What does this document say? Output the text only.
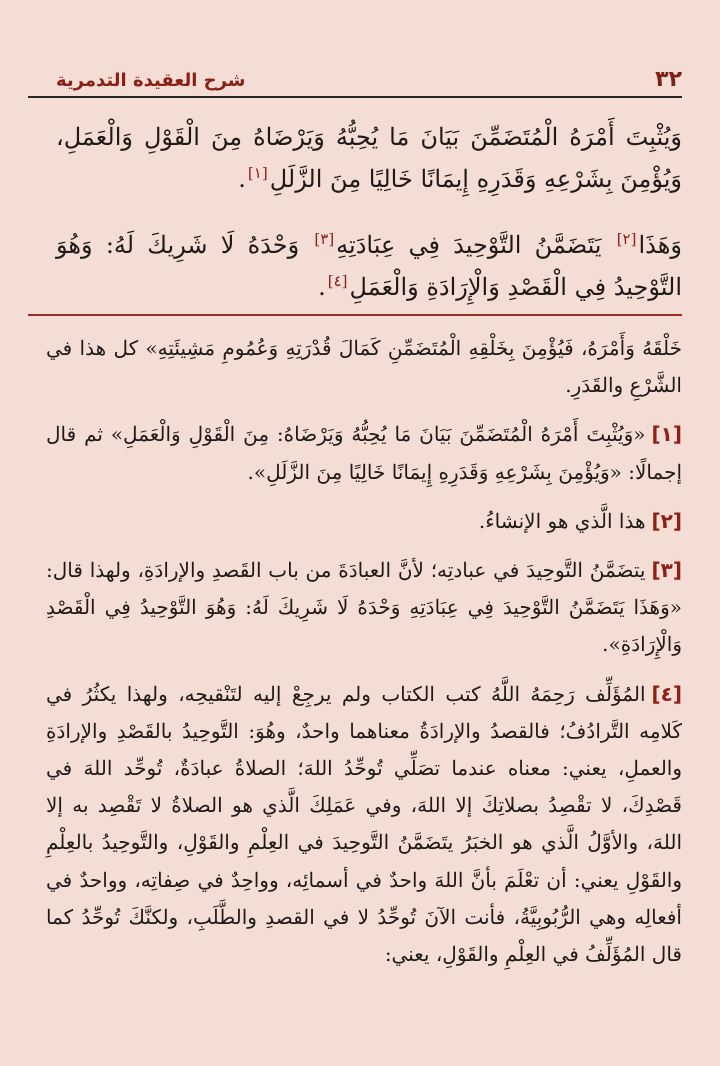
٣٢
شرح العقيدة التدمرية

وَيُثْبِتَ أَمْرَهُ الْمُتَضَمِّنَ بَيَانَ مَا يُحِبُّهُ وَيَرْضَاهُ مِنَ الْقَوْلِ وَالْعَمَلِ، وَيُؤْمِنَ بِشَرْعِهِ وَقَدَرِهِ إِيمَانًا خَالِيًا مِنَ الزَّلَلِ[١].

وَهَذَا[٢] يَتَضَمَّنُ التَّوْحِيدَ فِي عِبَادَتِهِ[٣] وَحْدَهُ لَا شَرِيكَ لَهُ: وَهُوَ التَّوْحِيدُ فِي الْقَصْدِ وَالْإِرَادَةِ وَالْعَمَلِ[٤].

خَلْقَهُ وَأَمْرَهُ، فَيُؤْمِنَ بِخَلْقِهِ الْمُتَضَمِّنِ كَمَالَ قُدْرَتِهِ وَعُمُومِ مَشِيئَتِهِ» كل هذا في الشَّرْعِ والقَدَرِ.

[١]«وَيُثْبِتَ أَمْرَهُ الْمُتَضَمِّنَ بَيَانَ مَا يُحِبُّهُ وَيَرْضَاهُ: مِنَ الْقَوْلِ وَالْعَمَلِ» ثم قال إجمالًا: «وَيُؤْمِنَ بِشَرْعِهِ وَقَدَرِهِ إِيمَانًا خَالِيًا مِنَ الزَّلَلِ».

[٢]هذا الَّذي هو الإنشاءُ.

[٣]يتضَمَّنُ التَّوحِيدَ في عبادتِه؛ لأنَّ العبادَةَ من باب القَصدِ والإرادَةِ، ولهذا قال: «وَهَذَا يَتَضَمَّنُ التَّوْحِيدَ فِي عِبَادَتِهِ وَحْدَهُ لَا شَرِيكَ لَهُ: وَهُوَ التَّوْحِيدُ فِي الْقَصْدِ وَالْإِرَادَةِ».

[٤]المُؤَلِّف رَحِمَهُ اللَّهُ كتب الكتاب ولم يرجِعْ إليه لتَنْقيحِه، ولهذا يكثُرُ في كَلامِه التَّرادُفُ؛ فالقصدُ والإرادَةُ معناهما واحدٌ، وهُوَ: التَّوحِيدُ بالقَصْدِ والإرادَةِ والعملِ، يعني: معناه عندما تصَلِّي تُوحِّدُ اللهَ؛ الصلاةُ عبادَةٌ، تُوحِّد اللهَ في قَصْدِكَ، لا تقْصِدُ بصلاتِكَ إلا اللهَ، وفي عَمَلِكَ الَّذي هو الصلاةُ لا تَقْصِد به إلا اللهَ، والأوَّلُ الَّذي هو الخبَرُ يتَضَمَّنُ التَّوحِيدَ في العِلْمِ والقَوْلِ، والتَّوحِيدُ بالعِلْمِ والقَوْلِ يعني: أن تعْلَمَ بأنَّ اللهَ واحدٌ في أسمائِه، وواحِدٌ في صِفاتِه، وواحدٌ في أفعالِه وهي الرُّبُوبِيَّةُ، فأنت الآنَ تُوحِّدُ لا في القصدِ والطَّلَبِ، ولكنَّكَ تُوحِّدُ كما قال المُؤَلِّفُ في العِلْمِ والقَوْلِ، يعني:
